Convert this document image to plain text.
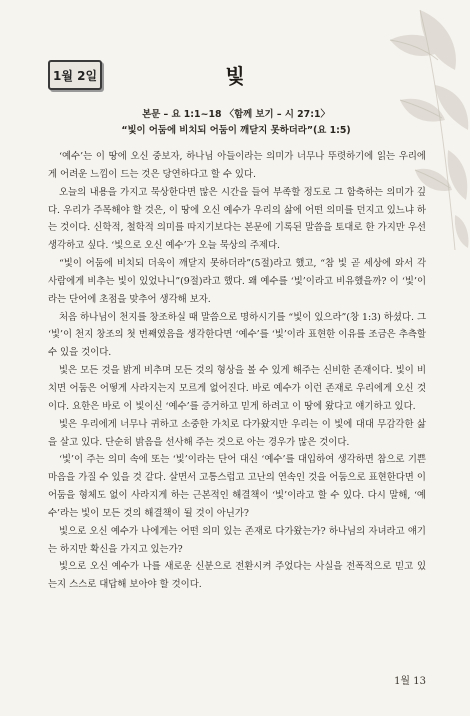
1월 2일	빛
본문 – 요 1:1~18 〈함께 보기 – 시 27:1〉
“빛이 어둠에 비치되 어둠이 깨닫지 못하더라”(요 1:5)

‘예수’는 이 땅에 오신 중보자, 하나님 아들이라는 의미가 너무나 뚜렷하기에 읽는 우리에게 어려운 느낌이 드는 것은 당연하다고 할 수 있다.

오늘의 내용을 가지고 묵상한다면 많은 시간을 들여 부족할 정도로 그 함축하는 의미가 깊다. 우리가 주목해야 할 것은, 이 땅에 오신 예수가 우리의 삶에 어떤 의미를 던지고 있느냐 하는 것이다. 신학적, 철학적 의미를 따지기보다는 본문에 기록된 말씀을 토대로 한 가지만 우선 생각하고 싶다. ‘빛으로 오신 예수’가 오늘 묵상의 주제다.

“빛이 어둠에 비치되 더욱이 깨닫지 못하더라”(5절)라고 했고, “참 빛 곧 세상에 와서 각 사람에게 비추는 빛이 있었나니”(9절)라고 했다. 왜 예수를 ‘빛’이라고 비유했을까? 이 ‘빛’이라는 단어에 초점을 맞추어 생각해 보자.

처음 하나님이 천지를 창조하실 때 말씀으로 명하시기를 “빛이 있으라”(창 1:3) 하셨다. 그 ‘빛’이 천지 창조의 첫 번째였음을 생각한다면 ‘예수’를 ‘빛’이라 표현한 이유를 조금은 추측할 수 있을 것이다.

빛은 모든 것을 밝게 비추며 모든 것의 형상을 볼 수 있게 해주는 신비한 존재이다. 빛이 비치면 어둠은 어떻게 사라지는지 모르게 없어진다. 바로 예수가 이런 존재로 우리에게 오신 것이다. 요한은 바로 이 빛이신 ‘예수’를 증거하고 믿게 하려고 이 땅에 왔다고 얘기하고 있다.

빛은 우리에게 너무나 귀하고 소중한 가치로 다가왔지만 우리는 이 빛에 대대 무감각한 삶을 살고 있다. 단순히 밝음을 선사해 주는 것으로 아는 경우가 많은 것이다.

‘빛’이 주는 의미 속에 또는 ‘빛’이라는 단어 대신 ‘예수’를 대입하여 생각하면 참으로 기쁜 마음을 가질 수 있을 것 같다. 살면서 고통스럽고 고난의 연속인 것을 어둠으로 표현한다면 이 어둠을 형체도 없이 사라지게 하는 근본적인 해결책이 ‘빛’이라고 할 수 있다. 다시 말해, ‘예수’라는 빛이 모든 것의 해결책이 될 것이 아닌가?

빛으로 오신 예수가 나에게는 어떤 의미 있는 존재로 다가왔는가? 하나님의 자녀라고 얘기는 하지만 확신을 가지고 있는가?

빛으로 오신 예수가 나를 새로운 신분으로 전환시켜 주었다는 사실을 전폭적으로 믿고 있는지 스스로 대답해 보아야 할 것이다.

1월 13
